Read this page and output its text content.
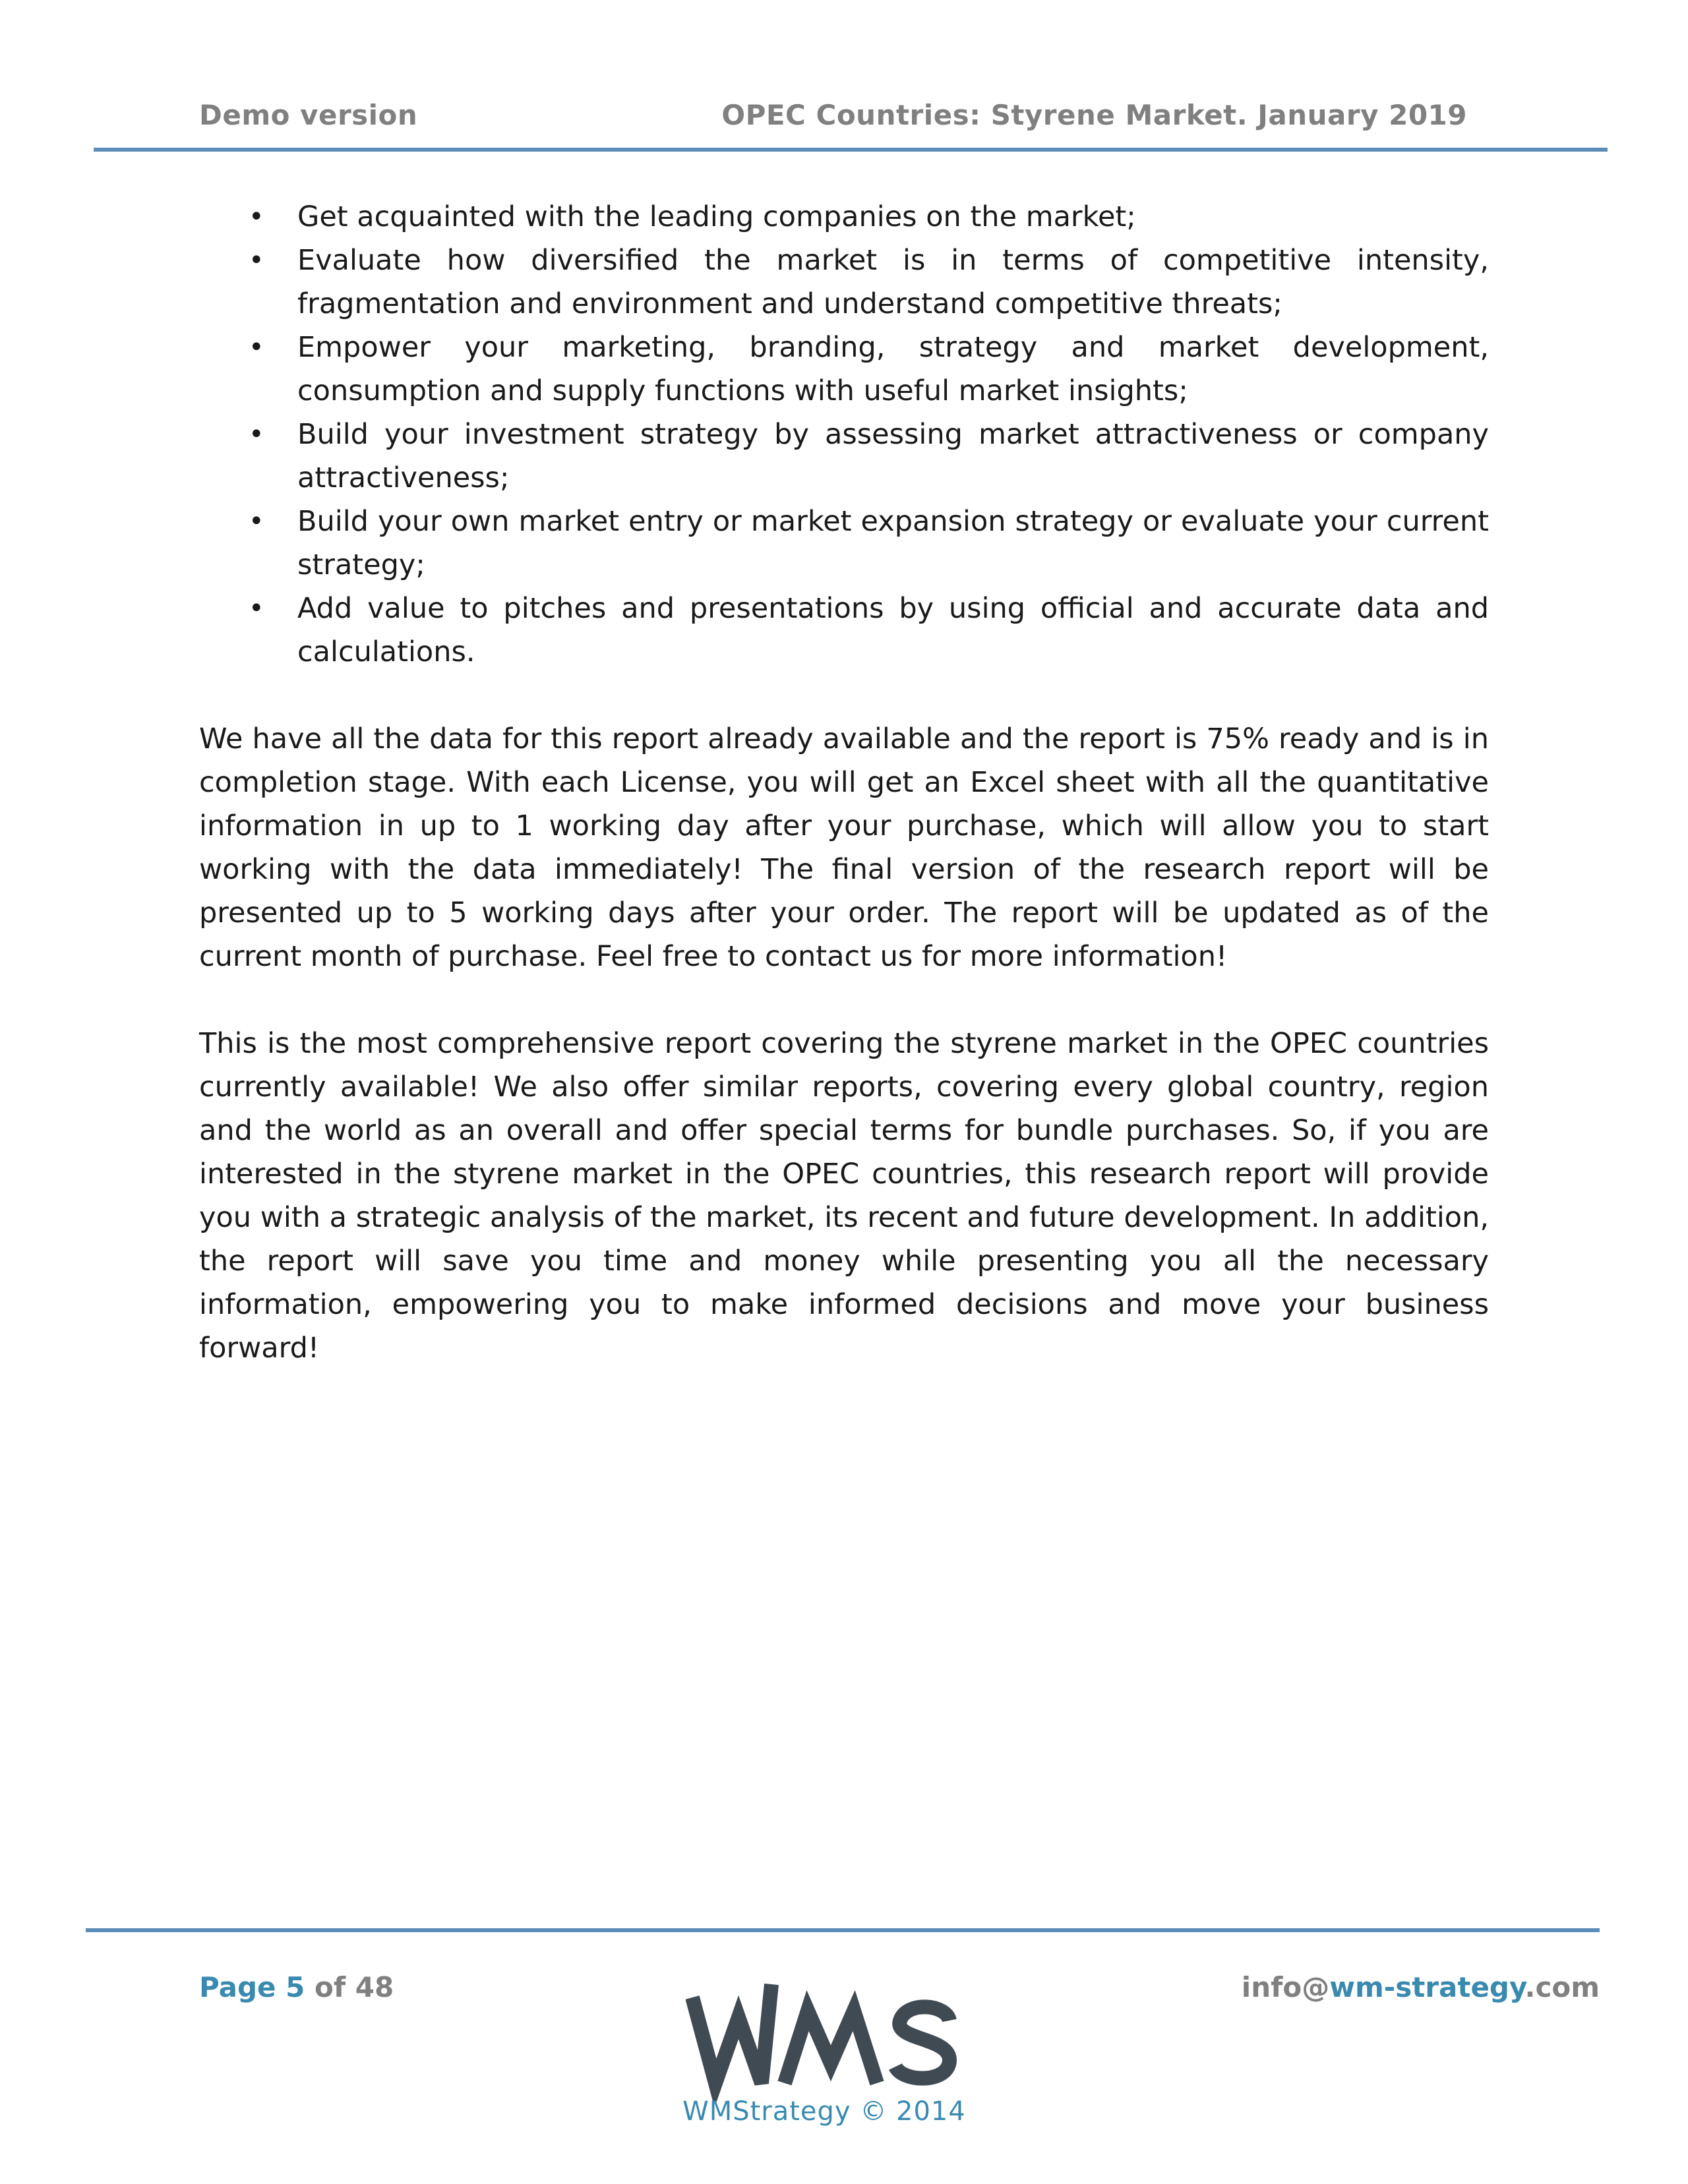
Demo version	OPEC Countries: Styrene Market. January 2019
• Get acquainted with the leading companies on the market;
• Evaluate how diversified the market is in terms of competitive intensity, fragmentation and environment and understand competitive threats;
• Empower your marketing, branding, strategy and market development, consumption and supply functions with useful market insights;
• Build your investment strategy by assessing market attractiveness or company attractiveness;
• Build your own market entry or market expansion strategy or evaluate your current strategy;
• Add value to pitches and presentations by using official and accurate data and calculations.

We have all the data for this report already available and the report is 75% ready and is in completion stage. With each License, you will get an Excel sheet with all the quantitative information in up to 1 working day after your purchase, which will allow you to start working with the data immediately! The final version of the research report will be presented up to 5 working days after your order. The report will be updated as of the current month of purchase. Feel free to contact us for more information!

This is the most comprehensive report covering the styrene market in the OPEC countries currently available! We also offer similar reports, covering every global country, region and the world as an overall and offer special terms for bundle purchases. So, if you are interested in the styrene market in the OPEC countries, this research report will provide you with a strategic analysis of the market, its recent and future development. In addition, the report will save you time and money while presenting you all the necessary information, empowering you to make informed decisions and move your business forward!

Page 5 of 48
WMStrategy © 2014
info@wm-strategy.com
